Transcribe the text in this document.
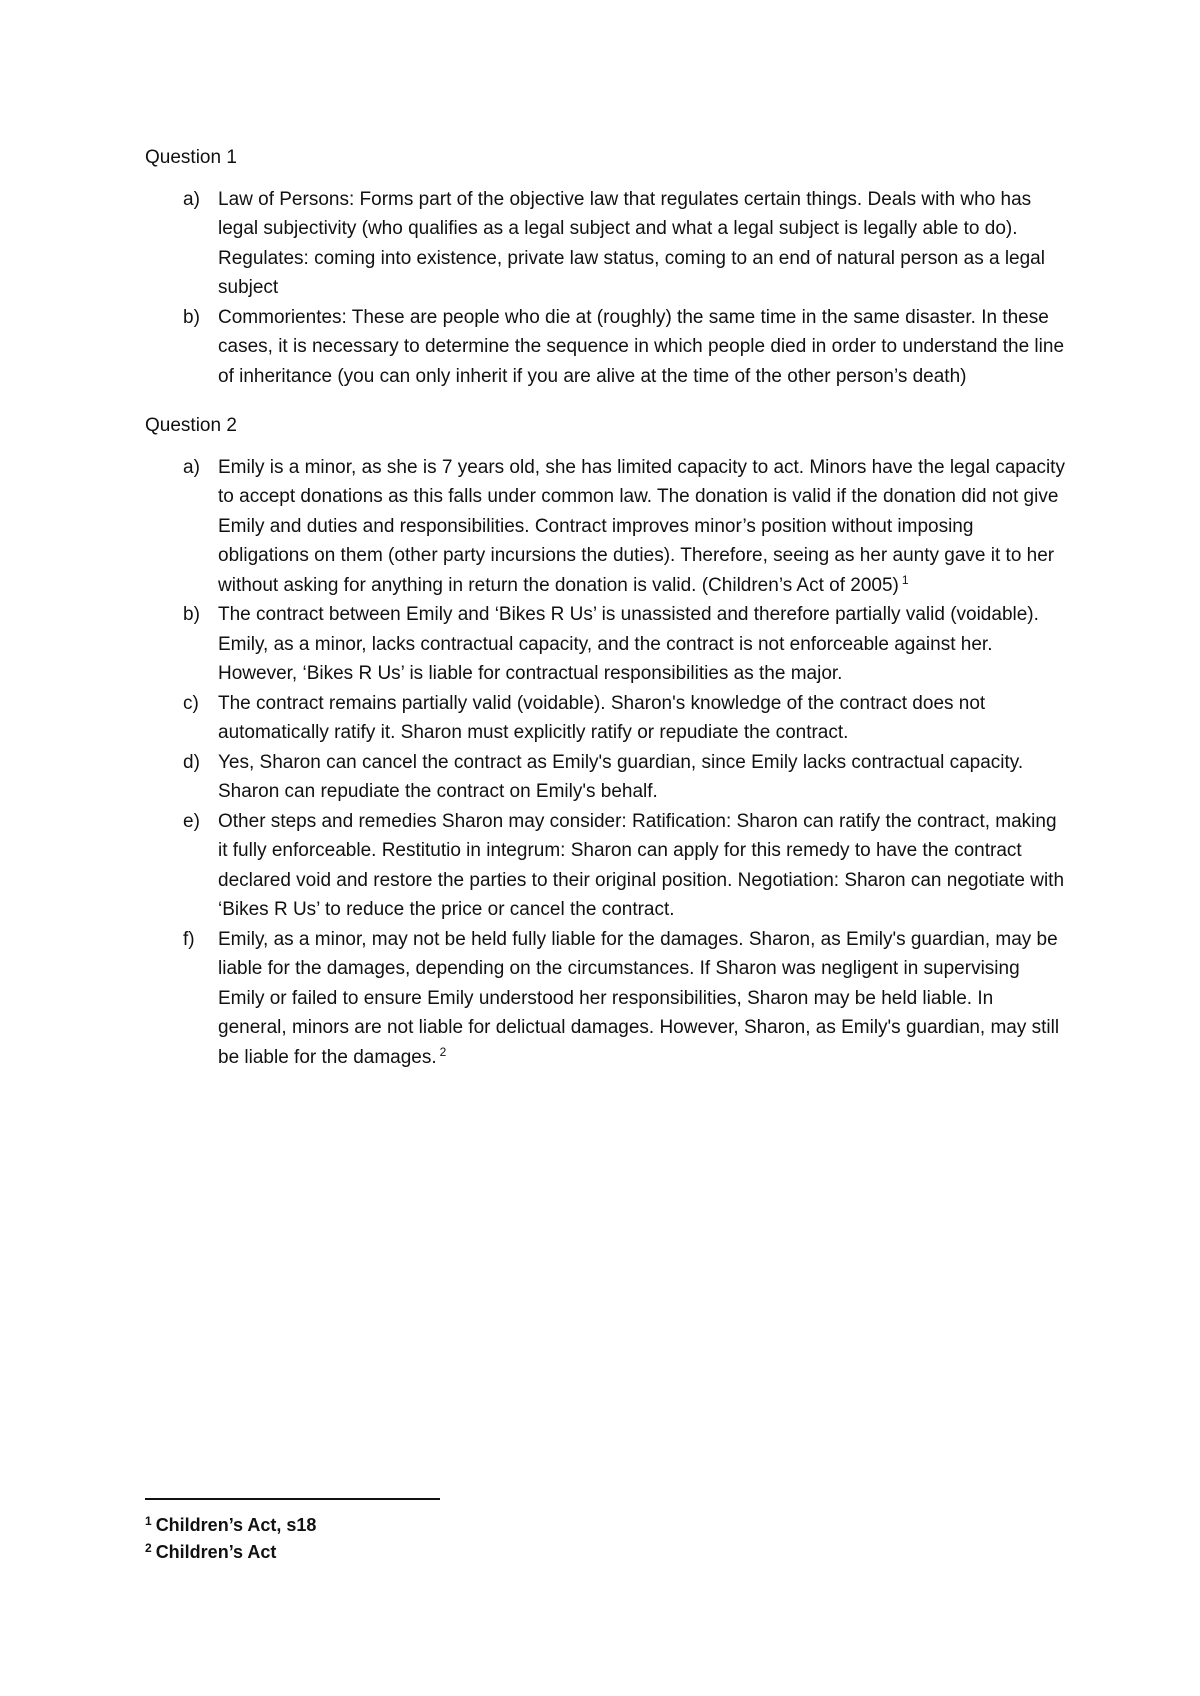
Question 1

a) Law of Persons: Forms part of the objective law that regulates certain things. Deals with who has legal subjectivity (who qualifies as a legal subject and what a legal subject is legally able to do). Regulates: coming into existence, private law status, coming to an end of natural person as a legal subject
b) Commorientes: These are people who die at (roughly) the same time in the same disaster. In these cases, it is necessary to determine the sequence in which people died in order to understand the line of inheritance (you can only inherit if you are alive at the time of the other person’s death)

Question 2

a) Emily is a minor, as she is 7 years old, she has limited capacity to act. Minors have the legal capacity to accept donations as this falls under common law. The donation is valid if the donation did not give Emily and duties and responsibilities. Contract improves minor’s position without imposing obligations on them (other party incursions the duties). Therefore, seeing as her aunty gave it to her without asking for anything in return the donation is valid. (Children’s Act of 2005) $^1$
b) The contract between Emily and ‘Bikes R Us’ is unassisted and therefore partially valid (voidable). Emily, as a minor, lacks contractual capacity, and the contract is not enforceable against her. However, ‘Bikes R Us’ is liable for contractual responsibilities as the major.
c) The contract remains partially valid (voidable). Sharon's knowledge of the contract does not automatically ratify it. Sharon must explicitly ratify or repudiate the contract.
d) Yes, Sharon can cancel the contract as Emily's guardian, since Emily lacks contractual capacity. Sharon can repudiate the contract on Emily's behalf.
e) Other steps and remedies Sharon may consider: Ratification: Sharon can ratify the contract, making it fully enforceable. Restitutio in integrum: Sharon can apply for this remedy to have the contract declared void and restore the parties to their original position. Negotiation: Sharon can negotiate with ‘Bikes R Us’ to reduce the price or cancel the contract.
f) Emily, as a minor, may not be held fully liable for the damages. Sharon, as Emily's guardian, may be liable for the damages, depending on the circumstances. If Sharon was negligent in supervising Emily or failed to ensure Emily understood her responsibilities, Sharon may be held liable. In general, minors are not liable for delictual damages. However, Sharon, as Emily's guardian, may still be liable for the damages. $^2$
$^1$ Children’s Act, s18
$^2$ Children’s Act
